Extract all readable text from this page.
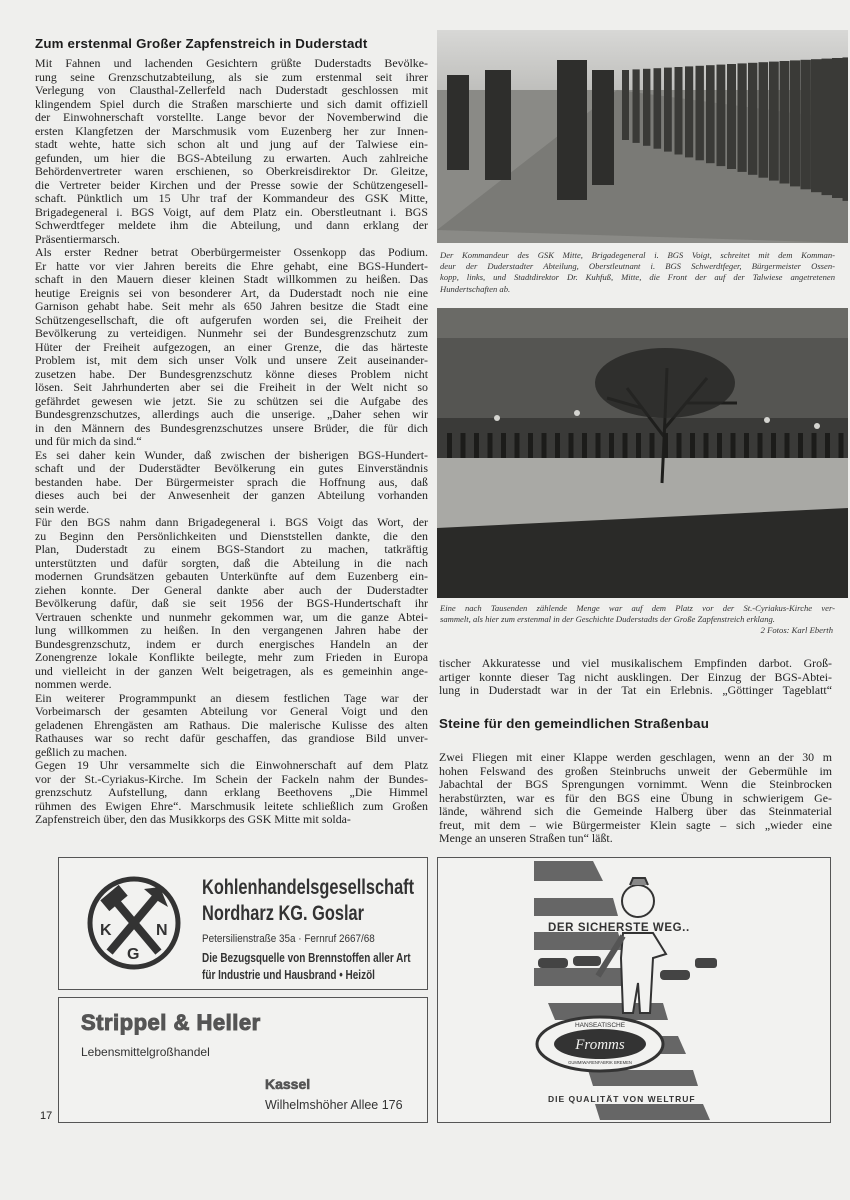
Zum erstenmal Großer Zapfenstreich in Duderstadt
Mit Fahnen und lachenden Gesichtern grüßte Duderstadts Bevölke-
rung seine Grenzschutzabteilung, als sie zum erstenmal seit ihrer
Verlegung von Clausthal-Zellerfeld nach Duderstadt geschlossen mit
klingendem Spiel durch die Straßen marschierte und sich damit offiziell
der Einwohnerschaft vorstellte. Lange bevor der Novemberwind die
ersten Klangfetzen der Marschmusik vom Euzenberg her zur Innen-
stadt wehte, hatte sich schon alt und jung auf der Talwiese ein-
gefunden, um hier die BGS-Abteilung zu erwarten. Auch zahlreiche
Behördenvertreter waren erschienen, so Oberkreisdirektor Dr. Gleitze,
die Vertreter beider Kirchen und der Presse sowie der Schützengesell-
schaft. Pünktlich um 15 Uhr traf der Kommandeur des GSK Mitte,
Brigadegeneral i. BGS Voigt, auf dem Platz ein. Oberstleutnant i. BGS
Schwerdtfeger meldete ihm die Abteilung, und dann erklang der
Präsentiermarsch.
Als erster Redner betrat Oberbürgermeister Ossenkopp das Podium.
Er hatte vor vier Jahren bereits die Ehre gehabt, eine BGS-Hundert-
schaft in den Mauern dieser kleinen Stadt willkommen zu heißen. Das
heutige Ereignis sei von besonderer Art, da Duderstadt noch nie eine
Garnison gehabt habe. Seit mehr als 650 Jahren besitze die Stadt eine
Schützengesellschaft, die oft aufgerufen worden sei, die Freiheit der
Bevölkerung zu verteidigen. Nunmehr sei der Bundesgrenzschutz zum
Hüter der Freiheit aufgezogen, an einer Grenze, die das härteste
Problem ist, mit dem sich unser Volk und unsere Zeit auseinander-
zusetzen habe. Der Bundesgrenzschutz könne dieses Problem nicht
lösen. Seit Jahrhunderten aber sei die Freiheit in der Welt nicht so
gefährdet gewesen wie jetzt. Sie zu schützen sei die Aufgabe des
Bundesgrenzschutzes, allerdings auch die unserige. „Daher sehen wir
in den Männern des Bundesgrenzschutzes unsere Brüder, die für dich
und für mich da sind.“
Es sei daher kein Wunder, daß zwischen der bisherigen BGS-Hundert-
schaft und der Duderstädter Bevölkerung ein gutes Einverständnis
bestanden habe. Der Bürgermeister sprach die Hoffnung aus, daß
dieses auch bei der Anwesenheit der ganzen Abteilung vorhanden
sein werde.
Für den BGS nahm dann Brigadegeneral i. BGS Voigt das Wort, der
zu Beginn den Persönlichkeiten und Dienststellen dankte, die den
Plan, Duderstadt zu einem BGS-Standort zu machen, tatkräftig
unterstützten und dafür sorgten, daß die Abteilung in die nach
modernen Grundsätzen gebauten Unterkünfte auf dem Euzenberg ein-
ziehen konnte. Der General dankte aber auch der Duderstadter
Bevölkerung dafür, daß sie seit 1956 der BGS-Hundertschaft ihr
Vertrauen schenkte und nunmehr gekommen war, um die ganze Abtei-
lung willkommen zu heißen. In den vergangenen Jahren habe der
Bundesgrenzschutz, indem er durch energisches Handeln an der
Zonengrenze lokale Konflikte beilegte, mehr zum Frieden in Europa
und vielleicht in der ganzen Welt beigetragen, als es gemeinhin ange-
nommen werde.
Ein weiterer Programmpunkt an diesem festlichen Tage war der
Vorbeimarsch der gesamten Abteilung vor General Voigt und den
geladenen Ehrengästen am Rathaus. Die malerische Kulisse des alten
Rathauses war so recht dafür geschaffen, das grandiose Bild unver-
geßlich zu machen.
Gegen 19 Uhr versammelte sich die Einwohnerschaft auf dem Platz
vor der St.-Cyriakus-Kirche. Im Schein der Fackeln nahm der Bundes-
grenzschutz Aufstellung, dann erklang Beethovens „Die Himmel
rühmen des Ewigen Ehre“. Marschmusik leitete schließlich zum Großen
Zapfenstreich über, den das Musikkorps des GSK Mitte mit solda-
Der Kommandeur des GSK Mitte, Brigadegeneral i. BGS Voigt, schreitet mit dem Komman-
deur der Duderstadter Abteilung, Oberstleutnant i. BGS Schwerdtfeger, Bürgermeister Ossen-
kopp, links, und Stadtdirektor Dr. Kuhfuß, Mitte, die Front der auf der Talwiese angetretenen
Hundertschaften ab.
Eine nach Tausenden zählende Menge war auf dem Platz vor der St.-Cyriakus-Kirche ver-
sammelt, als hier zum erstenmal in der Geschichte Duderstadts der Große Zapfenstreich erklang.
2 Fotos: Karl Eberth
tischer Akkuratesse und viel musikalischem Empfinden darbot. Groß-
artiger konnte dieser Tag nicht ausklingen. Der Einzug der BGS-Abtei-
lung in Duderstadt war in der Tat ein Erlebnis. „Göttinger Tageblatt“
Steine für den gemeindlichen Straßenbau
Zwei Fliegen mit einer Klappe werden geschlagen, wenn an der 30 m
hohen Felswand des großen Steinbruchs unweit der Gebermühle im
Jabachtal der BGS Sprengungen vornimmt. Wenn die Steinbrocken
herabstürzten, war es für den BGS eine Übung in schwierigem Ge-
lände, während sich die Gemeinde Halberg über das Steinmaterial
freut, mit dem – wie Bürgermeister Klein sagte – sich „wieder eine
Menge an unseren Straßen tun“ läßt.
K
G
N
Kohlenhandelsgesellschaft
Nordharz KG. Goslar
Petersilienstraße 35a · Fernruf 2667/68
Die Bezugsquelle von Brennstoffen aller Art
für Industrie und Hausbrand • Heizöl
Strippel & Heller
Lebensmittelgroßhandel
Kassel
Wilhelmshöher Allee 176
Fromms
HANSEATISCHE
GUMMIWARENFABRIK BREMEN
DER SICHERSTE WEG..
DIE QUALITÄT VON WELTRUF
17
